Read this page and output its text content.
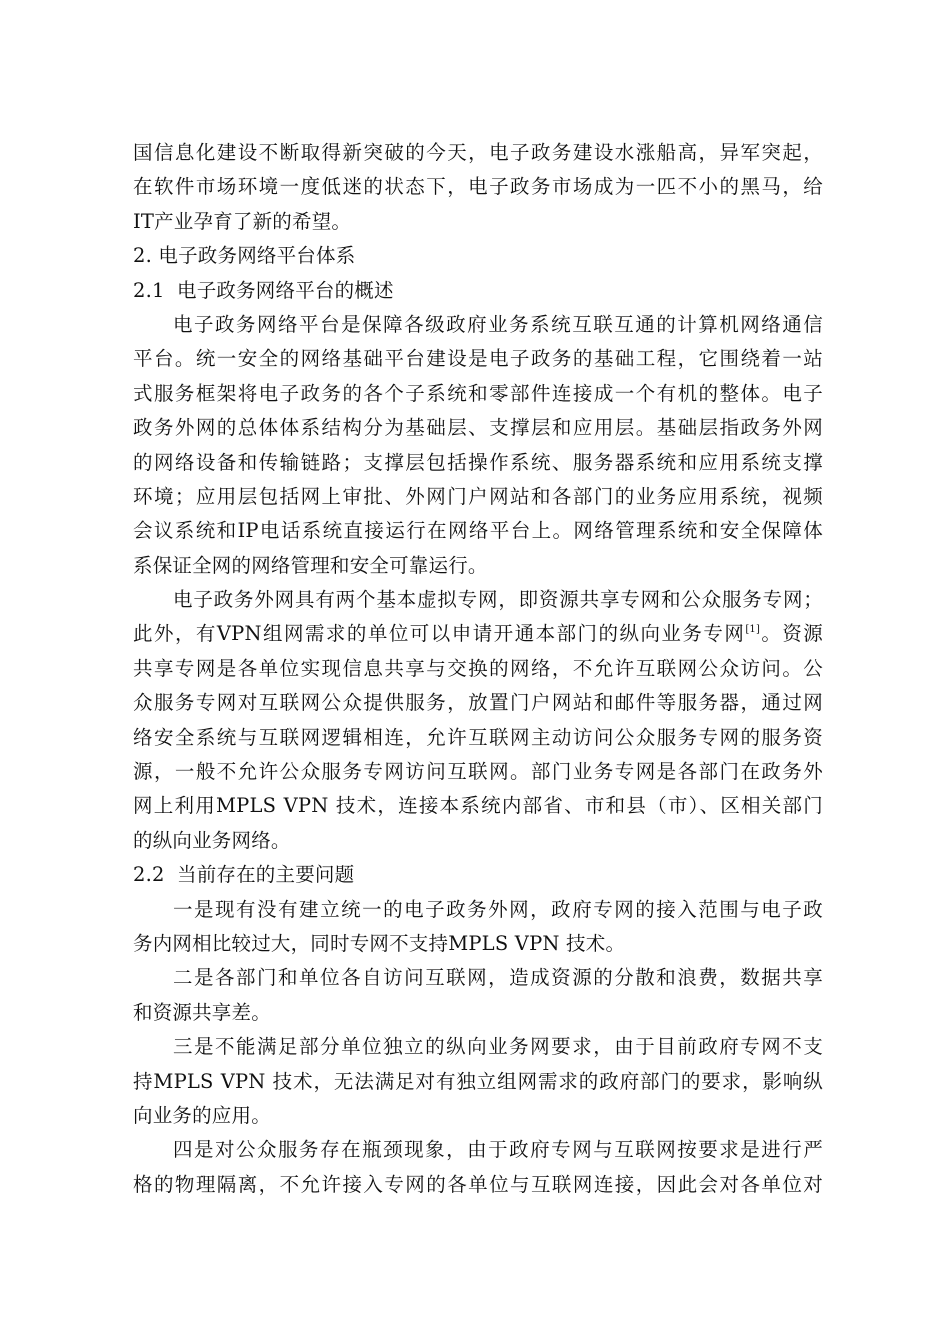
国信息化建设不断取得新突破的今天，电子政务建设水涨船高，异军突起，
在软件市场环境一度低迷的状态下，电子政务市场成为一匹不小的黑马，给
IT产业孕育了新的希望。
2. 电子政务网络平台体系
2.1 电子政务网络平台的概述
电子政务网络平台是保障各级政府业务系统互联互通的计算机网络通信
平台。统一安全的网络基础平台建设是电子政务的基础工程，它围绕着一站
式服务框架将电子政务的各个子系统和零部件连接成一个有机的整体。电子
政务外网的总体体系结构分为基础层、支撑层和应用层。基础层指政务外网
的网络设备和传输链路；支撑层包括操作系统、服务器系统和应用系统支撑
环境；应用层包括网上审批、外网门户网站和各部门的业务应用系统，视频
会议系统和IP电话系统直接运行在网络平台上。网络管理系统和安全保障体
系保证全网的网络管理和安全可靠运行。
电子政务外网具有两个基本虚拟专网，即资源共享专网和公众服务专网；
此外，有VPN组网需求的单位可以申请开通本部门的纵向业务专网[1]。资源
共享专网是各单位实现信息共享与交换的网络，不允许互联网公众访问。公
众服务专网对互联网公众提供服务，放置门户网站和邮件等服务器，通过网
络安全系统与互联网逻辑相连，允许互联网主动访问公众服务专网的服务资
源，一般不允许公众服务专网访问互联网。部门业务专网是各部门在政务外
网上利用MPLS VPN 技术，连接本系统内部省、市和县（市）、区相关部门
的纵向业务网络。
2.2 当前存在的主要问题
一是现有没有建立统一的电子政务外网，政府专网的接入范围与电子政
务内网相比较过大，同时专网不支持MPLS VPN 技术。
二是各部门和单位各自访问互联网，造成资源的分散和浪费，数据共享
和资源共享差。
三是不能满足部分单位独立的纵向业务网要求，由于目前政府专网不支
持MPLS VPN 技术，无法满足对有独立组网需求的政府部门的要求，影响纵
向业务的应用。
四是对公众服务存在瓶颈现象，由于政府专网与互联网按要求是进行严
格的物理隔离，不允许接入专网的各单位与互联网连接，因此会对各单位对
